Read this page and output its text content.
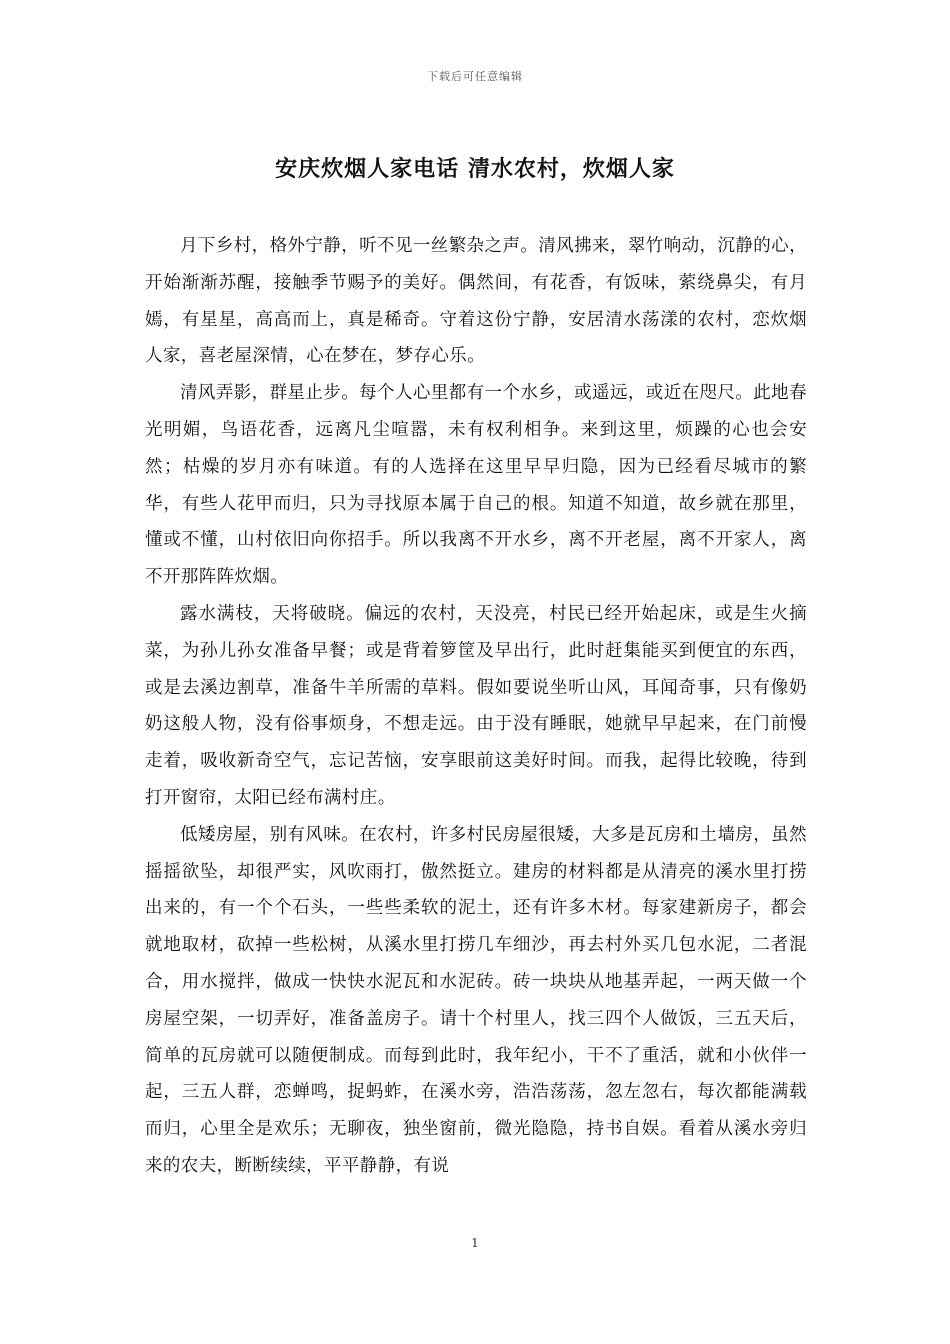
下载后可任意编辑
安庆炊烟人家电话 清水农村，炊烟人家

月下乡村，格外宁静，听不见一丝繁杂之声。清风拂来，翠竹响动，沉静的心，开始渐渐苏醒，接触季节赐予的美好。偶然间，有花香，有饭味，萦绕鼻尖，有月嫣，有星星，高高而上，真是稀奇。守着这份宁静，安居清水荡漾的农村，恋炊烟人家，喜老屋深情，心在梦在，梦存心乐。

清风弄影，群星止步。每个人心里都有一个水乡，或遥远，或近在咫尺。此地春光明媚，鸟语花香，远离凡尘喧嚣，未有权利相争。来到这里，烦躁的心也会安然；枯燥的岁月亦有味道。有的人选择在这里早早归隐，因为已经看尽城市的繁华，有些人花甲而归，只为寻找原本属于自己的根。知道不知道，故乡就在那里，懂或不懂，山村依旧向你招手。所以我离不开水乡，离不开老屋，离不开家人，离不开那阵阵炊烟。

露水满枝，天将破晓。偏远的农村，天没亮，村民已经开始起床，或是生火摘菜，为孙儿孙女准备早餐；或是背着箩筐及早出行，此时赶集能买到便宜的东西，或是去溪边割草，准备牛羊所需的草料。假如要说坐听山风，耳闻奇事，只有像奶奶这般人物，没有俗事烦身，不想走远。由于没有睡眠，她就早早起来，在门前慢走着，吸收新奇空气，忘记苦恼，安享眼前这美好时间。而我，起得比较晚，待到打开窗帘，太阳已经布满村庄。

低矮房屋，别有风味。在农村，许多村民房屋很矮，大多是瓦房和土墙房，虽然摇摇欲坠，却很严实，风吹雨打，傲然挺立。建房的材料都是从清亮的溪水里打捞出来的，有一个个石头，一些些柔软的泥土，还有许多木材。每家建新房子，都会就地取材，砍掉一些松树，从溪水里打捞几车细沙，再去村外买几包水泥，二者混合，用水搅拌，做成一快快水泥瓦和水泥砖。砖一块块从地基弄起，一两天做一个房屋空架，一切弄好，准备盖房子。请十个村里人，找三四个人做饭，三五天后，简单的瓦房就可以随便制成。而每到此时，我年纪小，干不了重活，就和小伙伴一起，三五人群，恋蝉鸣，捉蚂蚱，在溪水旁，浩浩荡荡，忽左忽右，每次都能满载而归，心里全是欢乐；无聊夜，独坐窗前，微光隐隐，持书自娱。看着从溪水旁归来的农夫，断断续续，平平静静，有说

1
